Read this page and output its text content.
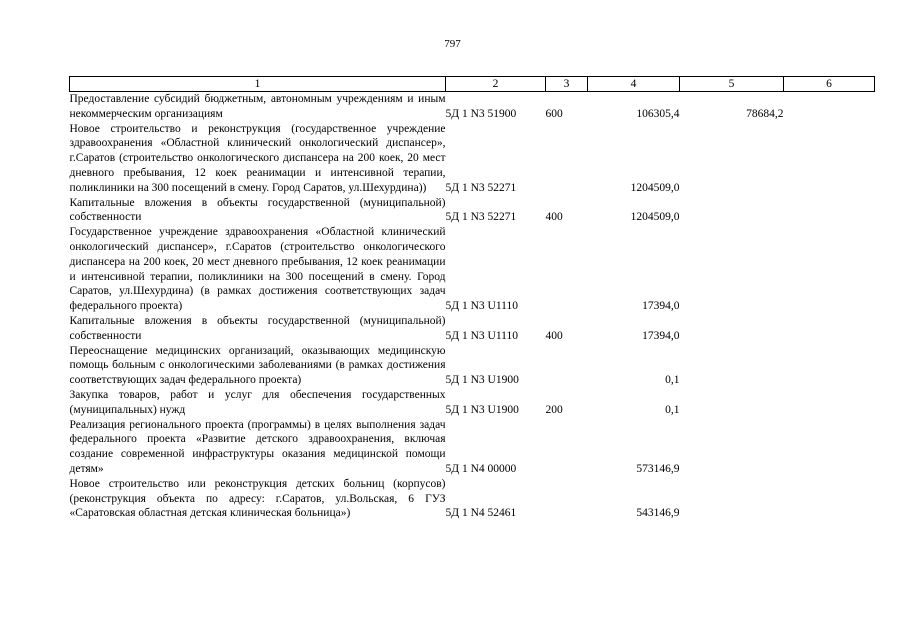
797
1	2	3	4	5	6
Предоставление субсидий бюджетным, автономным учреждениям и иным некоммерческим организациям	5Д 1 N3 51900	600	106305,4	78684,2	
Новое строительство и реконструкция (государственное учреждение здравоохранения «Областной клинический онкологический диспансер», г.Саратов (строительство онкологического диспансера на 200 коек, 20 мест дневного пребывания, 12 коек реанимации и интенсивной терапии, поликлиники на 300 посещений в смену. Город Саратов, ул.Шехурдина))	5Д 1 N3 52271		1204509,0		
Капитальные вложения в объекты государственной (муниципальной) собственности	5Д 1 N3 52271	400	1204509,0		
Государственное учреждение здравоохранения «Областной клинический онкологический диспансер», г.Саратов (строительство онкологического диспансера на 200 коек, 20 мест дневного пребывания, 12 коек реанимации и интенсивной терапии, поликлиники на 300 посещений в смену. Город Саратов, ул.Шехурдина) (в рамках достижения соответствующих задач федерального проекта)	5Д 1 N3 U1110		17394,0		
Капитальные вложения в объекты государственной (муниципальной) собственности	5Д 1 N3 U1110	400	17394,0		
Переоснащение медицинских организаций, оказывающих медицинскую помощь больным с онкологическими заболеваниями (в рамках достижения соответствующих задач федерального проекта)	5Д 1 N3 U1900		0,1		
Закупка товаров, работ и услуг для обеспечения государственных (муниципальных) нужд	5Д 1 N3 U1900	200	0,1		
Реализация регионального проекта (программы) в целях выполнения задач федерального проекта «Развитие детского здравоохранения, включая создание современной инфраструктуры оказания медицинской помощи детям»	5Д 1 N4 00000		573146,9		
Новое строительство или реконструкция детских больниц (корпусов) (реконструкция объекта по адресу: г.Саратов, ул.Вольская, 6 ГУЗ «Саратовская областная детская клиническая больница»)	5Д 1 N4 52461		543146,9		
